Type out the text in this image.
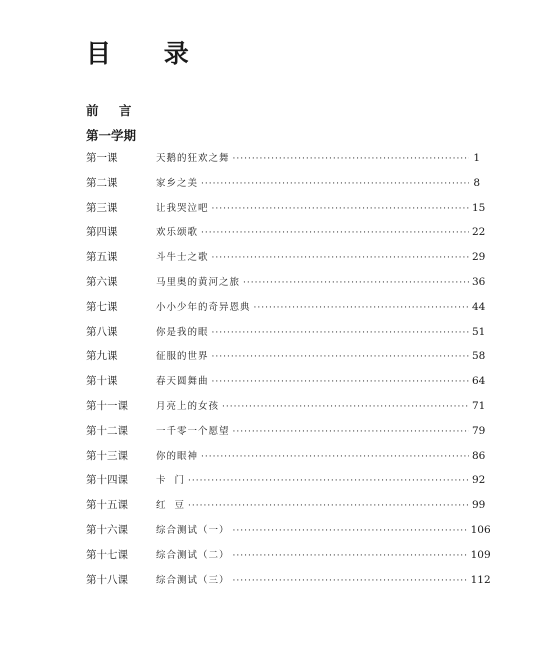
目 录
前 言
第一学期
第一课	天鹅的狂欢之舞 ·····	1
第二课	家乡之美 ·····	8
第三课	让我哭泣吧 ·····	15
第四课	欢乐颂歌 ·····	22
第五课	斗牛士之歌 ·····	29
第六课	马里奥的黄河之旅 ·····	36
第七课	小小少年的奇异恩典 ·····	44
第八课	你是我的眼 ·····	51
第九课	征服的世界 ·····	58
第十课	春天圆舞曲 ·····	64
第十一课	月亮上的女孩 ·····	71
第十二课	一千零一个愿望 ·····	79
第十三课	你的眼神 ·····	86
第十四课	卡  门 ·····	92
第十五课	红  豆 ·····	99
第十六课	综合测试（一） ·····	106
第十七课	综合测试（二） ·····	109
第十八课	综合测试（三） ·····	112
